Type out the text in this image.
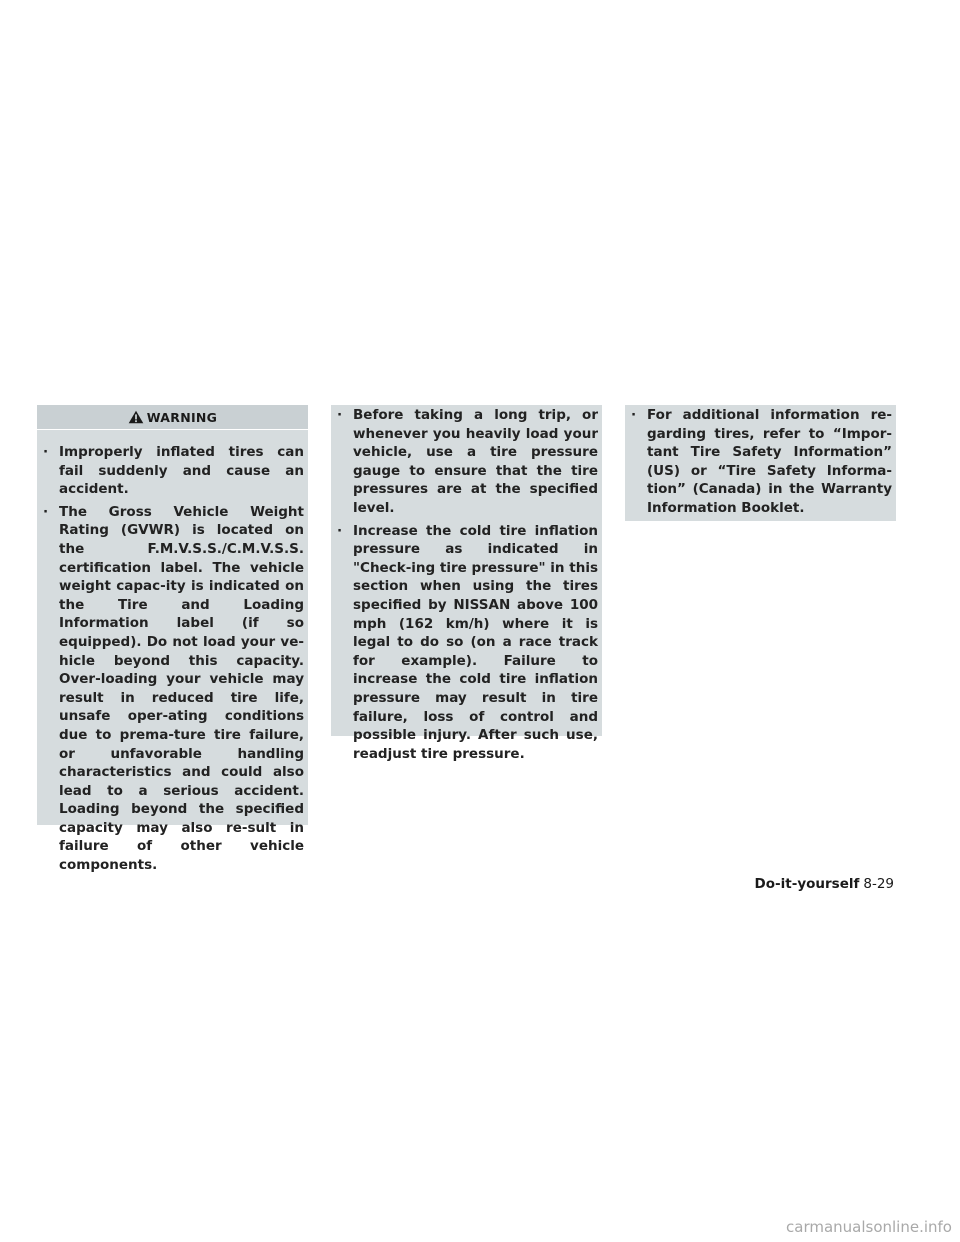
WARNING
· Improperly inflated tires can fail suddenly and cause an accident.
· The Gross Vehicle Weight Rating (GVWR) is located on the F.M.V.S.S./C.M.V.S.S. certification label. The vehicle weight capac-ity is indicated on the Tire and Loading Information label (if so equipped). Do not load your ve-hicle beyond this capacity. Over-loading your vehicle may result in reduced tire life, unsafe oper-ating conditions due to prema-ture tire failure, or unfavorable handling characteristics and could also lead to a serious accident. Loading beyond the specified capacity may also re-sult in failure of other vehicle components.
· Before taking a long trip, or whenever you heavily load your vehicle, use a tire pressure gauge to ensure that the tire pressures are at the specified level.
· Increase the cold tire inflation pressure as indicated in "Check-ing tire pressure" in this section when using the tires specified by NISSAN above 100 mph (162 km/h) where it is legal to do so (on a race track for example). Failure to increase the cold tire inflation pressure may result in tire failure, loss of control and possible injury. After such use, readjust tire pressure.
· For additional information re-garding tires, refer to “Impor-tant Tire Safety Information” (US) or “Tire Safety Informa-tion” (Canada) in the Warranty Information Booklet.
Do-it-yourself 8-29
carmanualsonline.info
